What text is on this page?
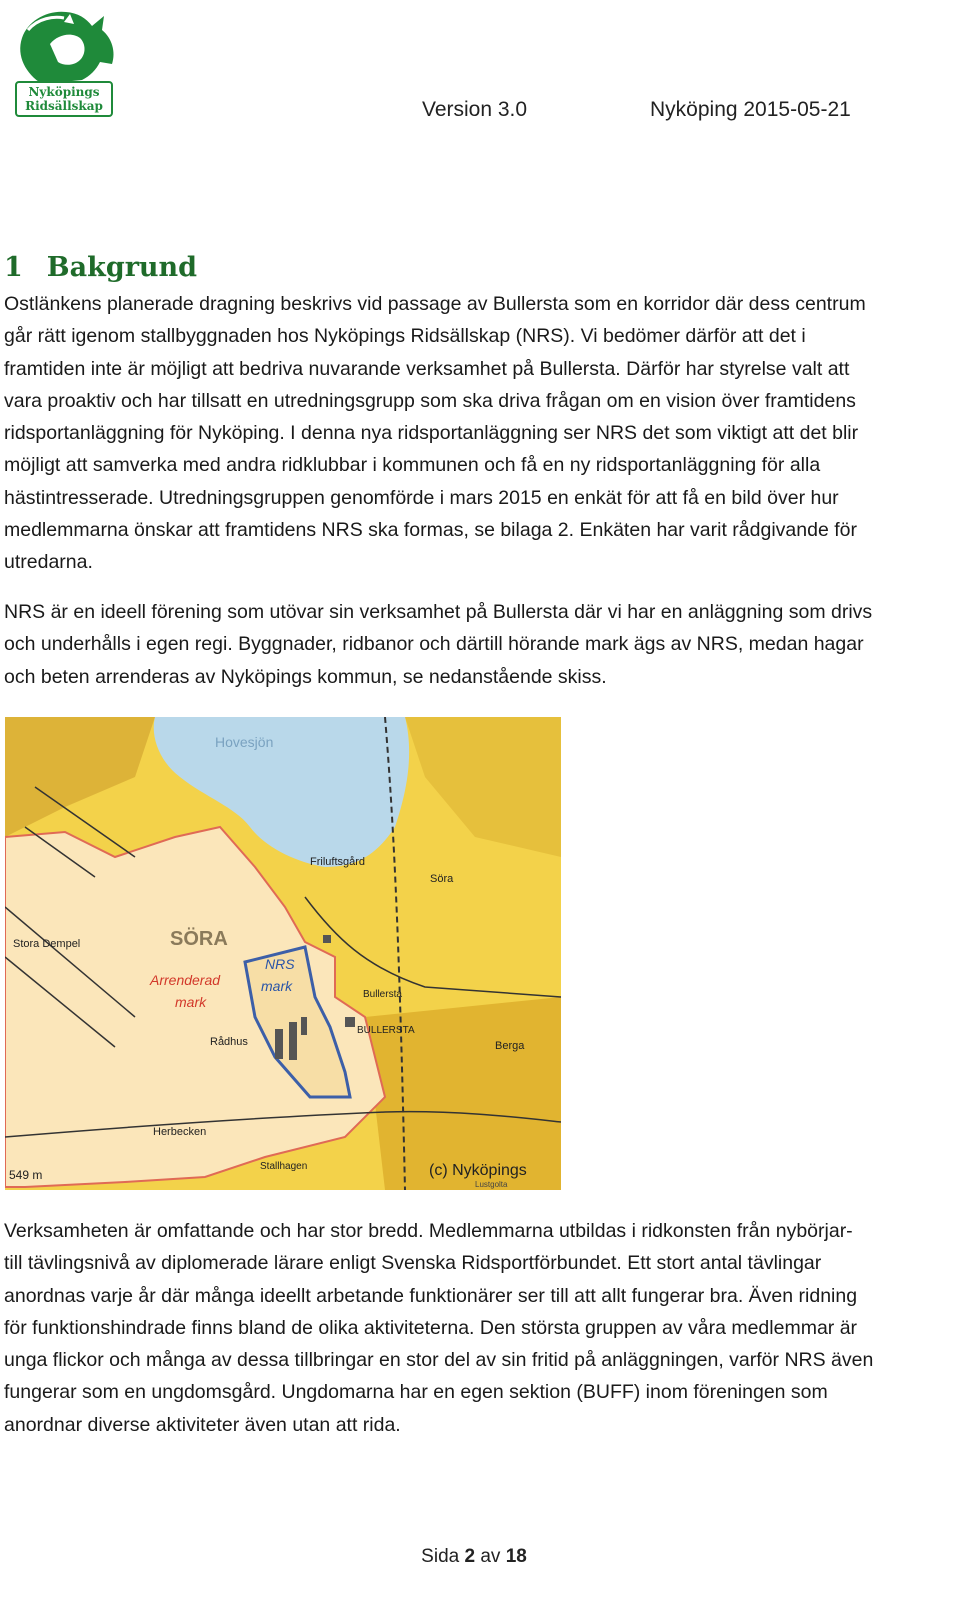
Nyköpings
Ridsällskap	Version 3.0	Nyköping 2015-05-21
1 Bakgrund
Ostlänkens planerade dragning beskrivs vid passage av Bullersta som en korridor där dess centrum
går rätt igenom stallbyggnaden hos Nyköpings Ridsällskap (NRS). Vi bedömer därför att det i
framtiden inte är möjligt att bedriva nuvarande verksamhet på Bullersta. Därför har styrelse valt att
vara proaktiv och har tillsatt en utredningsgrupp som ska driva frågan om en vision över framtidens
ridsportanläggning för Nyköping. I denna nya ridsportanläggning ser NRS det som viktigt att det blir
möjligt att samverka med andra ridklubbar i kommunen och få en ny ridsportanläggning för alla
hästintresserade. Utredningsgruppen genomförde i mars 2015 en enkät för att få en bild över hur
medlemmarna önskar att framtidens NRS ska formas, se bilaga 2. Enkäten har varit rådgivande för
utredarna.
NRS är en ideell förening som utövar sin verksamhet på Bullersta där vi har en anläggning som drivs
och underhålls i egen regi. Byggnader, ridbanor och därtill hörande mark ägs av NRS, medan hagar
och beten arrenderas av Nyköpings kommun, se nedanstående skiss.
Hovesjön
Friluftsgård
Sörа
Stora Dempel	SÖRA
Arrenderad
mark
NRS
mark
Bullersta
BULLERSTA
Berga
Rådhus
Herbecken
Stallhagen	(c) Nyköpings
Lustgolta
549 m
Verksamheten är omfattande och har stor bredd. Medlemmarna utbildas i ridkonsten från nybörjar-
till tävlingsnivå av diplomerade lärare enligt Svenska Ridsportförbundet. Ett stort antal tävlingar
anordnas varje år där många ideellt arbetande funktionärer ser till att allt fungerar bra. Även ridning
för funktionshindrade finns bland de olika aktiviteterna. Den största gruppen av våra medlemmar är
unga flickor och många av dessa tillbringar en stor del av sin fritid på anläggningen, varför NRS även
fungerar som en ungdomsgård. Ungdomarna har en egen sektion (BUFF) inom föreningen som
anordnar diverse aktiviteter även utan att rida.
Sida 2 av 18
